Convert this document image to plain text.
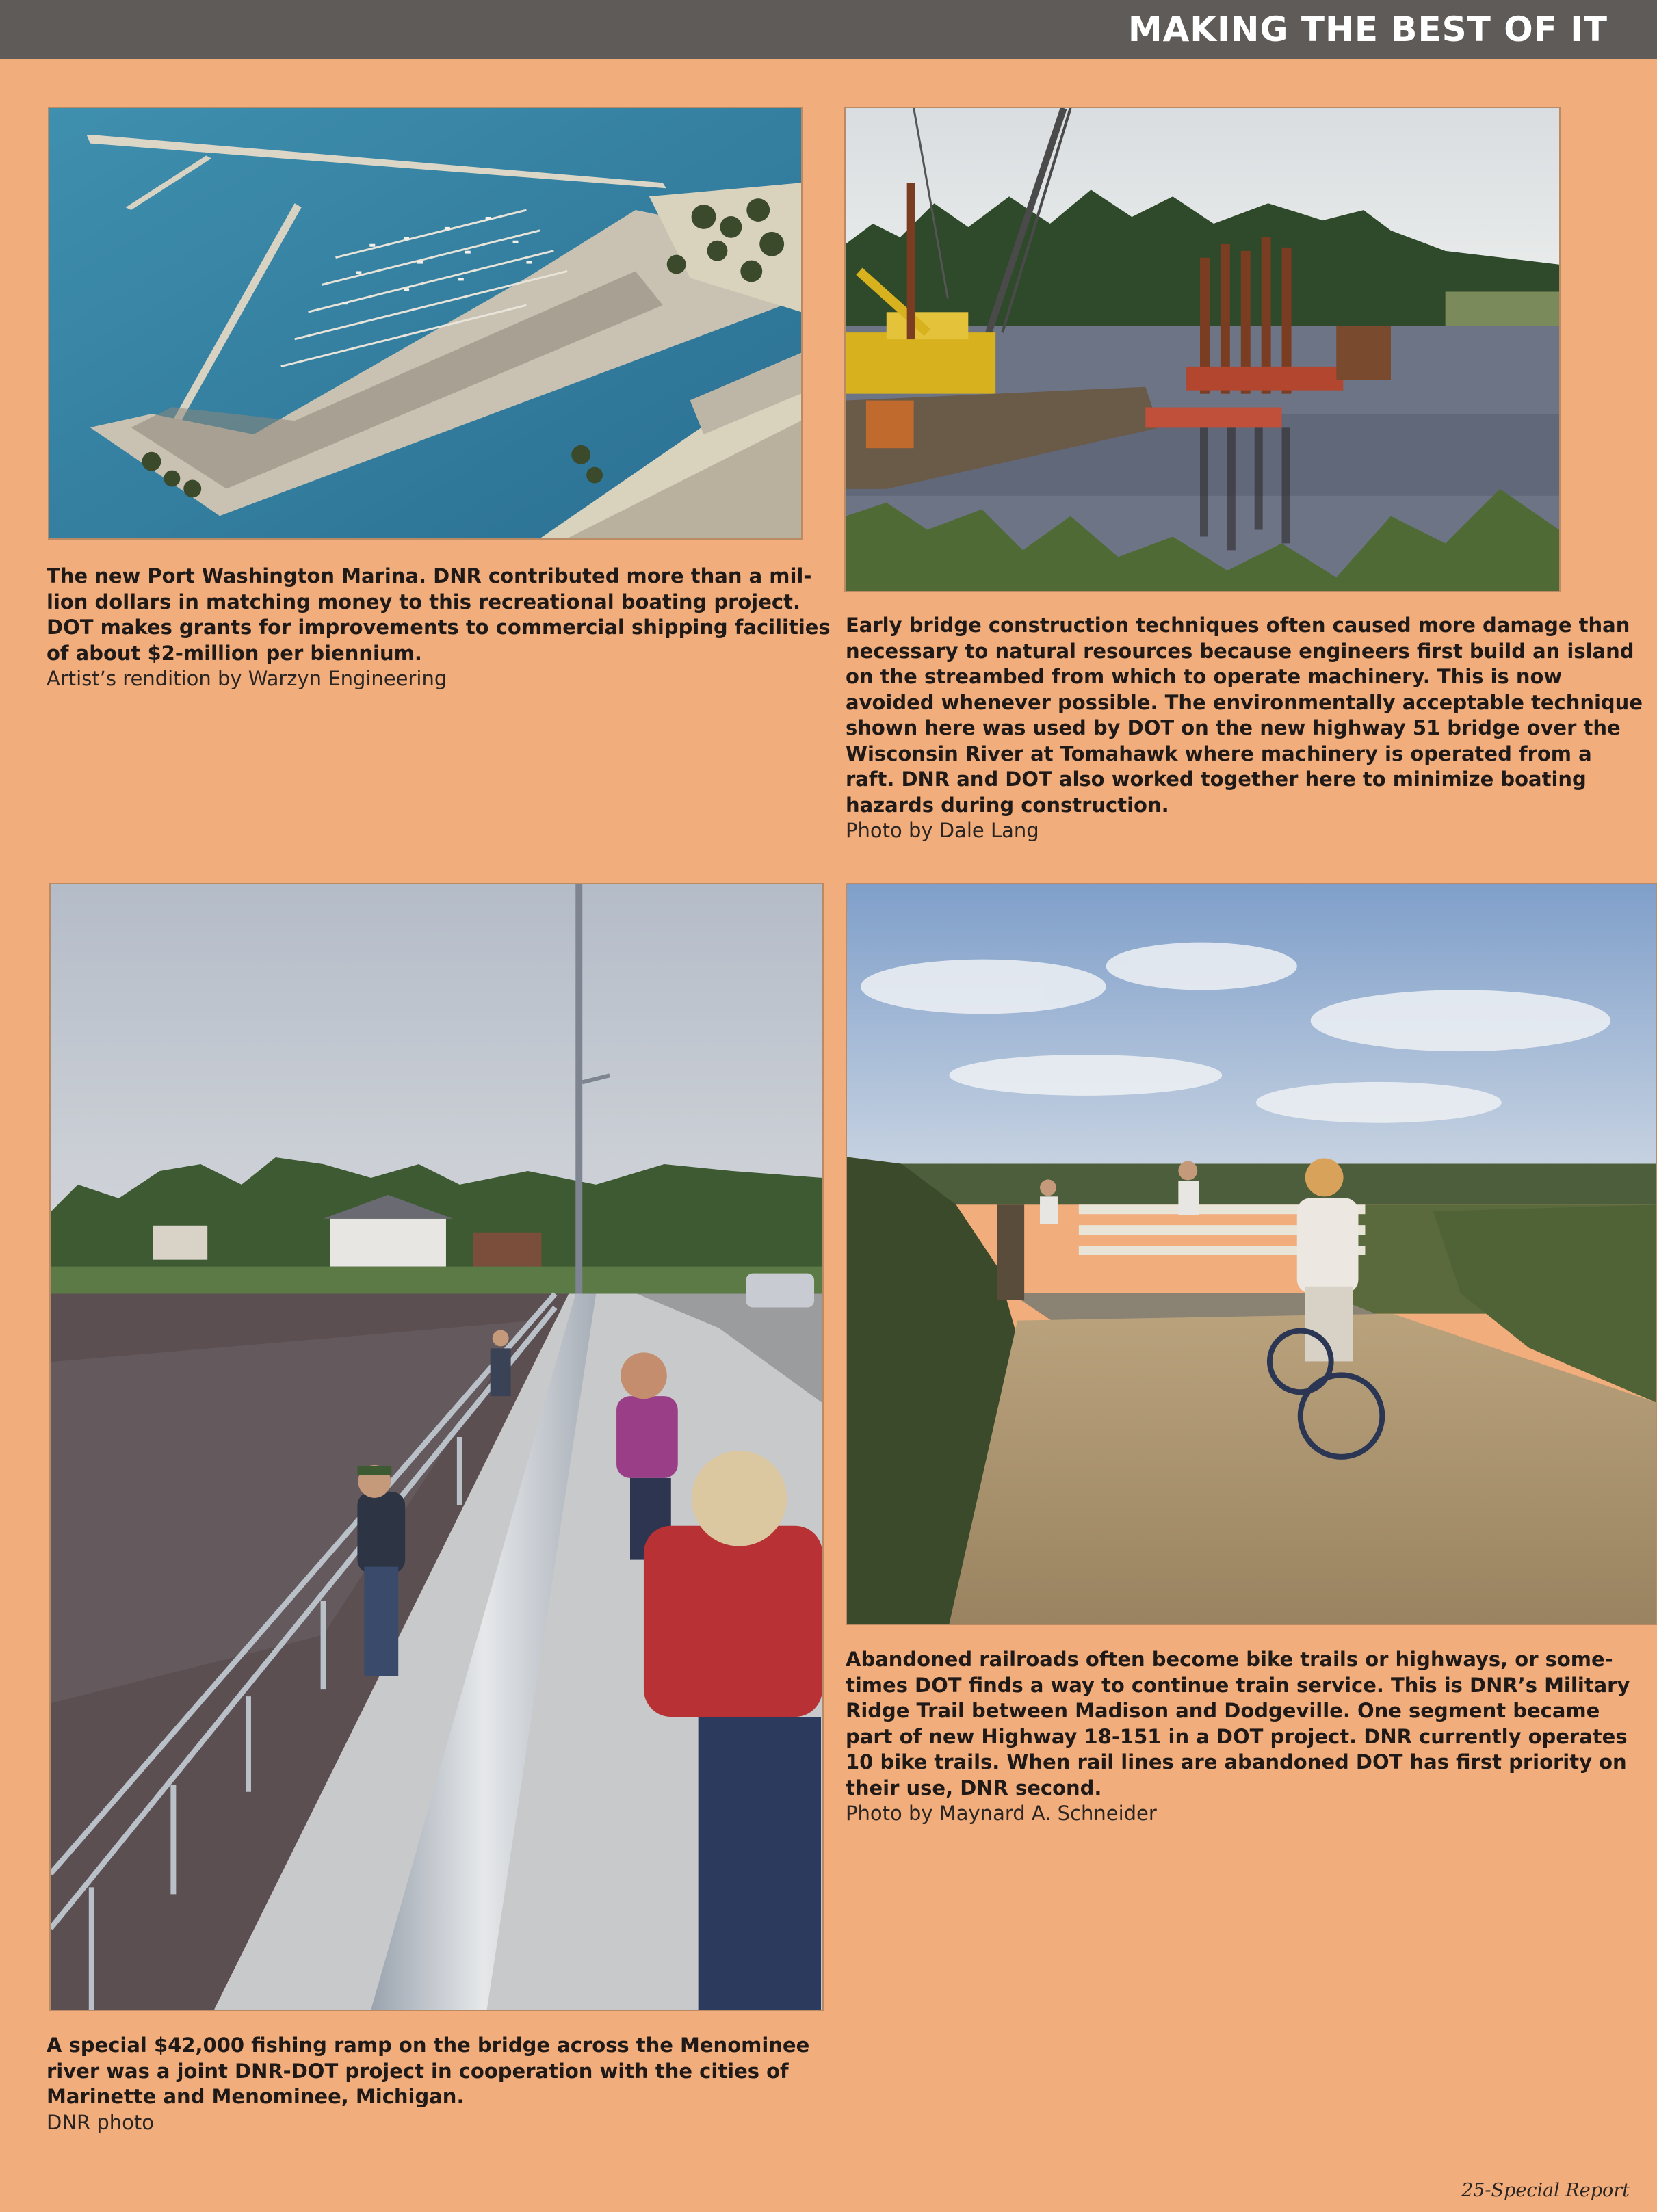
MAKING THE BEST OF IT
The new Port Washington Marina. DNR contributed more than a mil-
lion dollars in matching money to this recreational boating project.
DOT makes grants for improvements to commercial shipping facilities
of about $2-million per biennium.
Artist’s rendition by Warzyn Engineering
Early bridge construction techniques often caused more damage than
necessary to natural resources because engineers first build an island
on the streambed from which to operate machinery. This is now
avoided whenever possible. The environmentally acceptable technique
shown here was used by DOT on the new highway 51 bridge over the
Wisconsin River at Tomahawk where machinery is operated from a
raft. DNR and DOT also worked together here to minimize boating
hazards during construction.
Photo by Dale Lang
A special $42,000 fishing ramp on the bridge across the Menominee
river was a joint DNR-DOT project in cooperation with the cities of
Marinette and Menominee, Michigan.
DNR photo
Abandoned railroads often become bike trails or highways, or some-
times DOT finds a way to continue train service. This is DNR’s Military
Ridge Trail between Madison and Dodgeville. One segment became
part of new Highway 18-151 in a DOT project. DNR currently operates
10 bike trails. When rail lines are abandoned DOT has first priority on
their use, DNR second.
Photo by Maynard A. Schneider
25-Special Report
